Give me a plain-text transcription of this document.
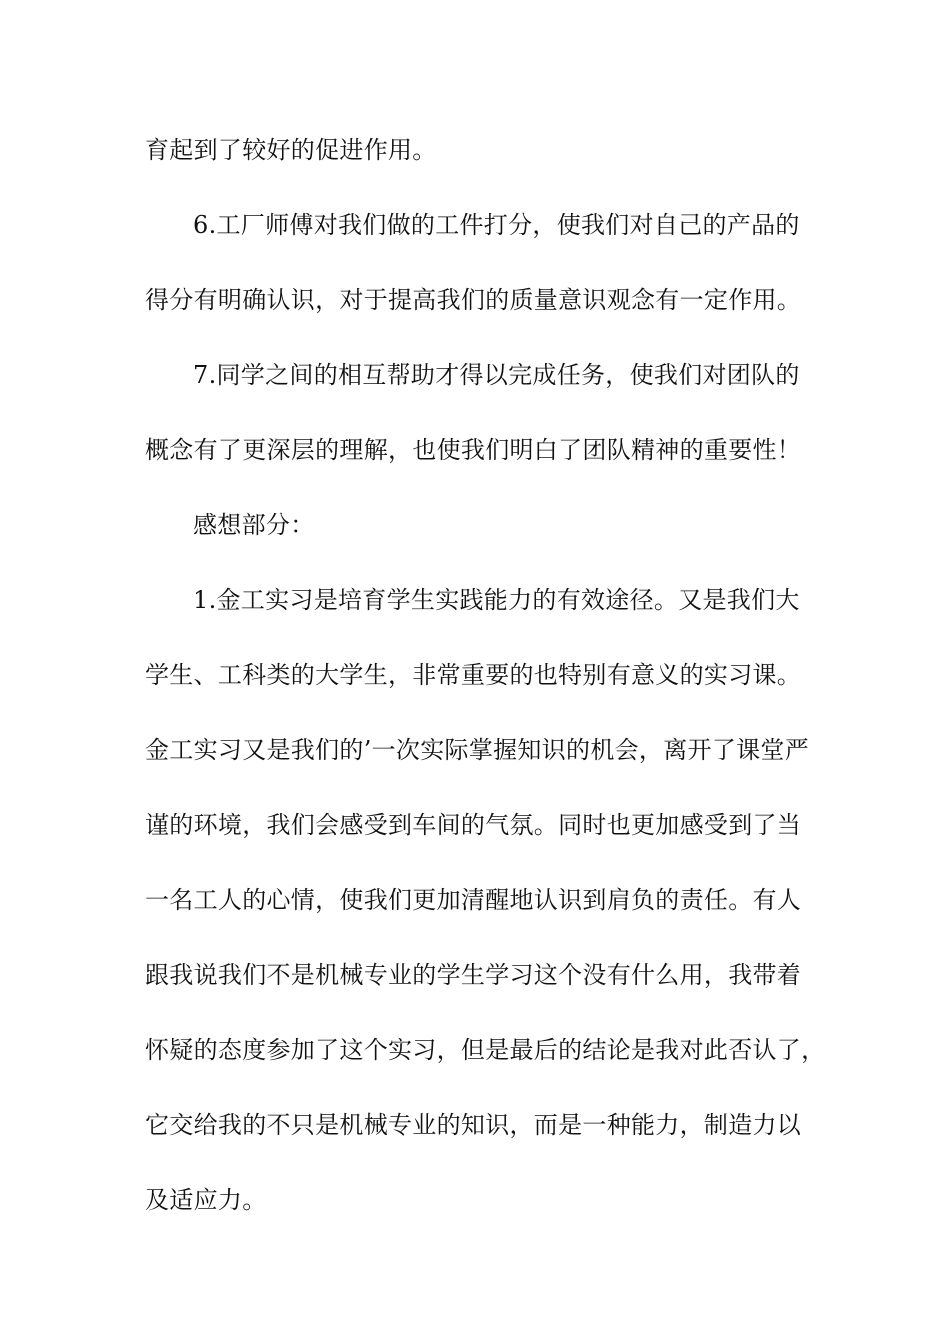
育起到了较好的促进作用。
6.工厂师傅对我们做的工件打分，使我们对自己的产品的
得分有明确认识，对于提高我们的质量意识观念有一定作用。
7.同学之间的相互帮助才得以完成任务，使我们对团队的
概念有了更深层的理解，也使我们明白了团队精神的重要性！
感想部分：
1.金工实习是培育学生实践能力的有效途径。又是我们大
学生、工科类的大学生，非常重要的也特别有意义的实习课。
金工实习又是我们的’一次实际掌握知识的机会，离开了课堂严
谨的环境，我们会感受到车间的气氛。同时也更加感受到了当
一名工人的心情，使我们更加清醒地认识到肩负的责任。有人
跟我说我们不是机械专业的学生学习这个没有什么用，我带着
怀疑的态度参加了这个实习，但是最后的结论是我对此否认了，
它交给我的不只是机械专业的知识，而是一种能力，制造力以
及适应力。
